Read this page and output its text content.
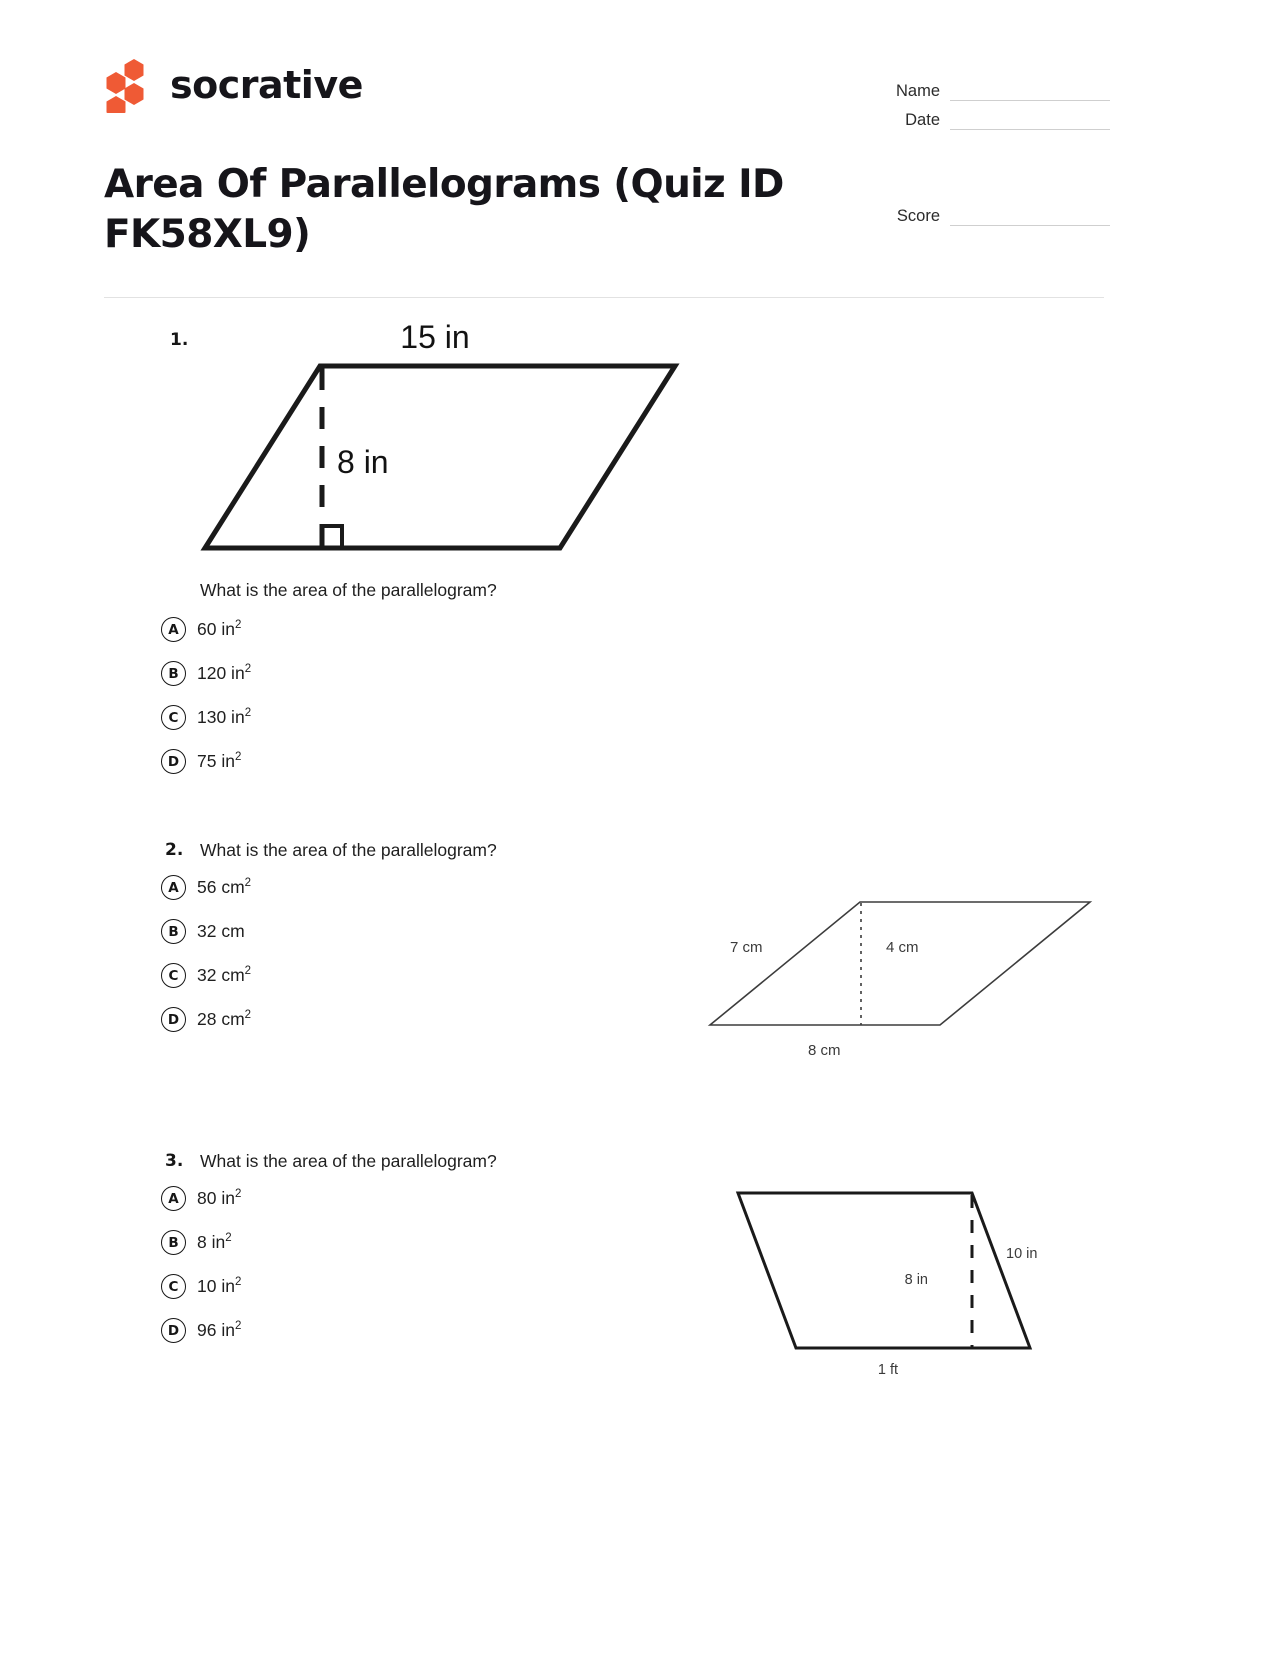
socrative	Name
Date
Score
Area Of Parallelograms (Quiz ID FK58XL9)
1.	15 in
8 in
What is the area of the parallelogram?
A	60 $in^2$
B	120 $in^2$
C	130 $in^2$
D	75 $in^2$
2. What is the area of the parallelogram?
A	56 $cm^2$
B	32 cm
C	32 $cm^2$
D	28 $cm^2$
7 cm	4 cm
8 cm
3. What is the area of the parallelogram?
A	80 $in^2$
B	8 $in^2$
C	10 $in^2$
D	96 $in^2$
8 in
10 in
1 ft
